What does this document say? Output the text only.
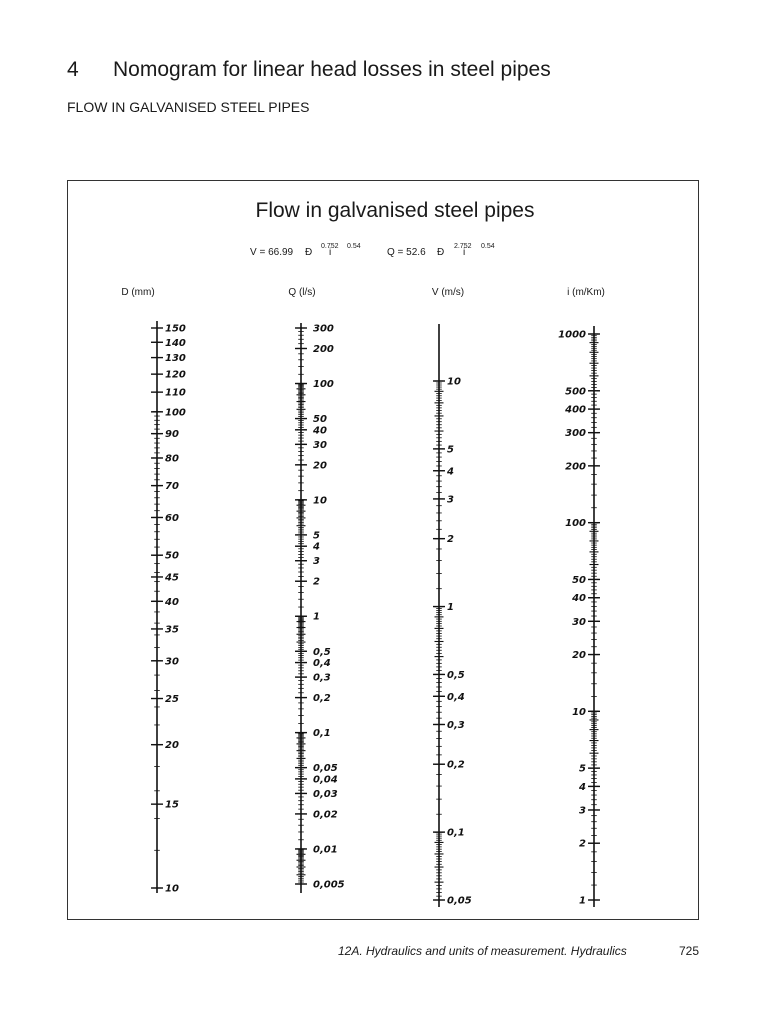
4 Nomogram for linear head losses in steel pipes
FLOW IN GALVANISED STEEL PIPES
Flow in galvanised steel pipes
V = 66.99 Ð
0.752
i
0.54
Q = 52.6 Ð
2.752
i
0.54
D (mm)
150
140
130
120
110
100
90
80
70
60
50
45
40
35
30
25
20
15
10
Q (l/s)
300
200
100
50
40
30
20
10
5
4
3
2
1
0,5
0,4
0,3
0,2
0,1
0,05
0,04
0,03
0,02
0,01
0,005
V (m/s)
10
5
4
3
2
1
0,5
0,4
0,3
0,2
0,1
0,05
i (m/Km)
1000
500
400
300
200
100
50
40
30
20
10
5
4
3
2
1
12A. Hydraulics and units of measurement. Hydraulics	725
